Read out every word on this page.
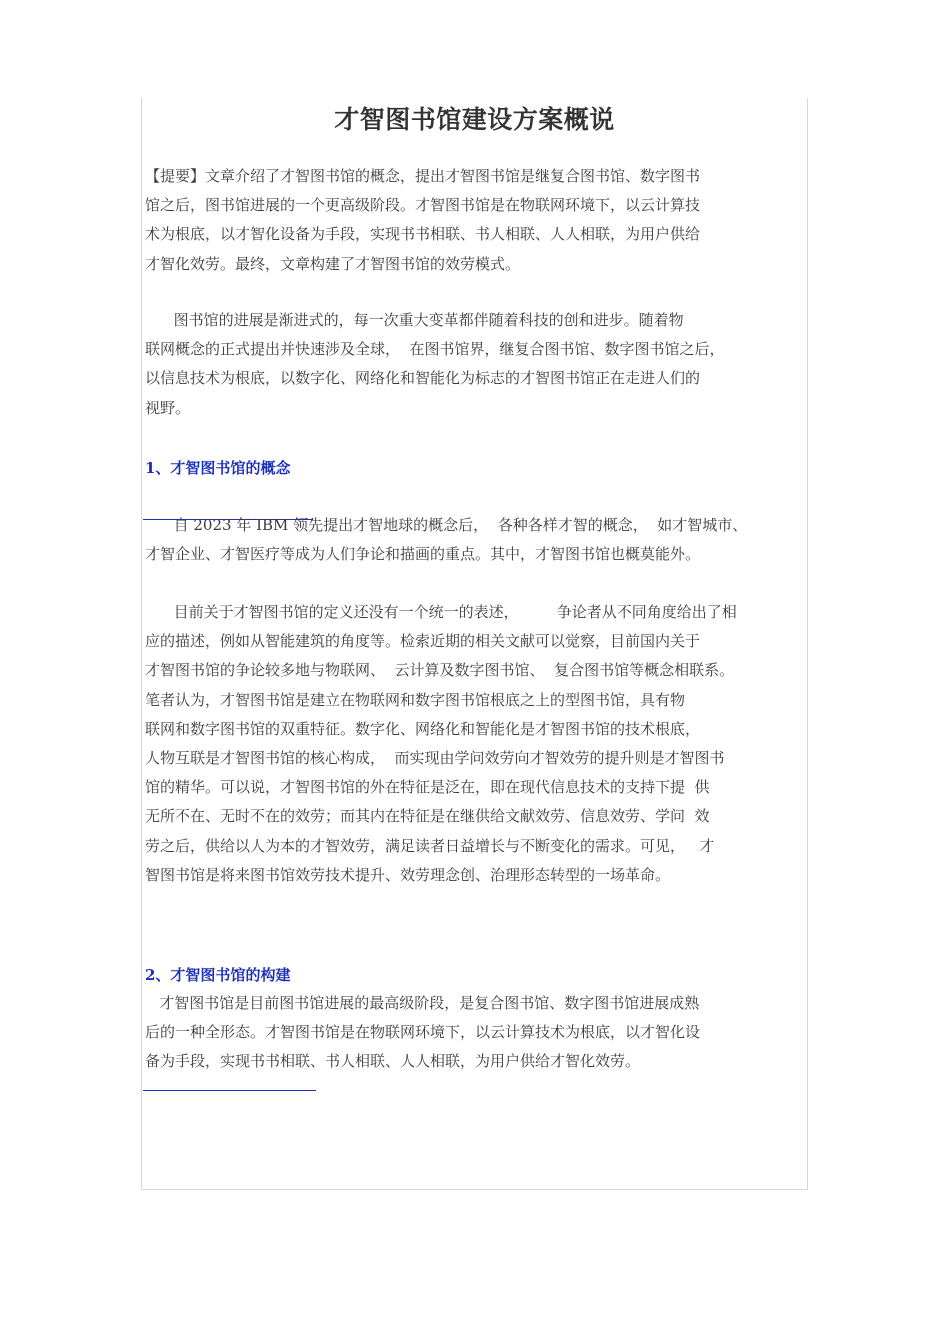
才智图书馆建设方案概说
【提要】文章介绍了才智图书馆的概念，提出才智图书馆是继复合图书馆、数字图书
馆之后，图书馆进展的一个更高级阶段。才智图书馆是在物联网环境下，以云计算技
术为根底，以才智化设备为手段，实现书书相联、书人相联、人人相联，为用户供给
才智化效劳。最终，文章构建了才智图书馆的效劳模式。
图书馆的进展是渐进式的，每一次重大变革都伴随着科技的创和进步。随着物
联网概念的正式提出并快速涉及全球，  在图书馆界，继复合图书馆、数字图书馆之后，
以信息技术为根底，以数字化、网络化和智能化为标志的才智图书馆正在走进人们的
视野。
1、才智图书馆的概念
自 2023 年 IBM 领先提出才智地球的概念后，  各种各样才智的概念，  如才智城市、
才智企业、才智医疗等成为人们争论和描画的重点。其中，才智图书馆也概莫能外。
目前关于才智图书馆的定义还没有一个统一的表述，        争论者从不同角度给出了相
应的描述，例如从智能建筑的角度等。检索近期的相关文献可以觉察，目前国内关于
才智图书馆的争论较多地与物联网、  云计算及数字图书馆、  复合图书馆等概念相联系。
笔者认为，才智图书馆是建立在物联网和数字图书馆根底之上的型图书馆，具有物
联网和数字图书馆的双重特征。数字化、网络化和智能化是才智图书馆的技术根底，
人物互联是才智图书馆的核心构成，  而实现由学问效劳向才智效劳的提升则是才智图书
馆的精华。可以说，才智图书馆的外在特征是泛在，即在现代信息技术的支持下提  供
无所不在、无时不在的效劳；而其内在特征是在继供给文献效劳、信息效劳、学问  效
劳之后，供给以人为本的才智效劳，满足读者日益增长与不断变化的需求。可见，   才
智图书馆是将来图书馆效劳技术提升、效劳理念创、治理形态转型的一场革命。
2、才智图书馆的构建
才智图书馆是目前图书馆进展的最高级阶段，是复合图书馆、数字图书馆进展成熟
后的一种全形态。才智图书馆是在物联网环境下，以云计算技术为根底，以才智化设
备为手段，实现书书相联、书人相联、人人相联，为用户供给才智化效劳。
